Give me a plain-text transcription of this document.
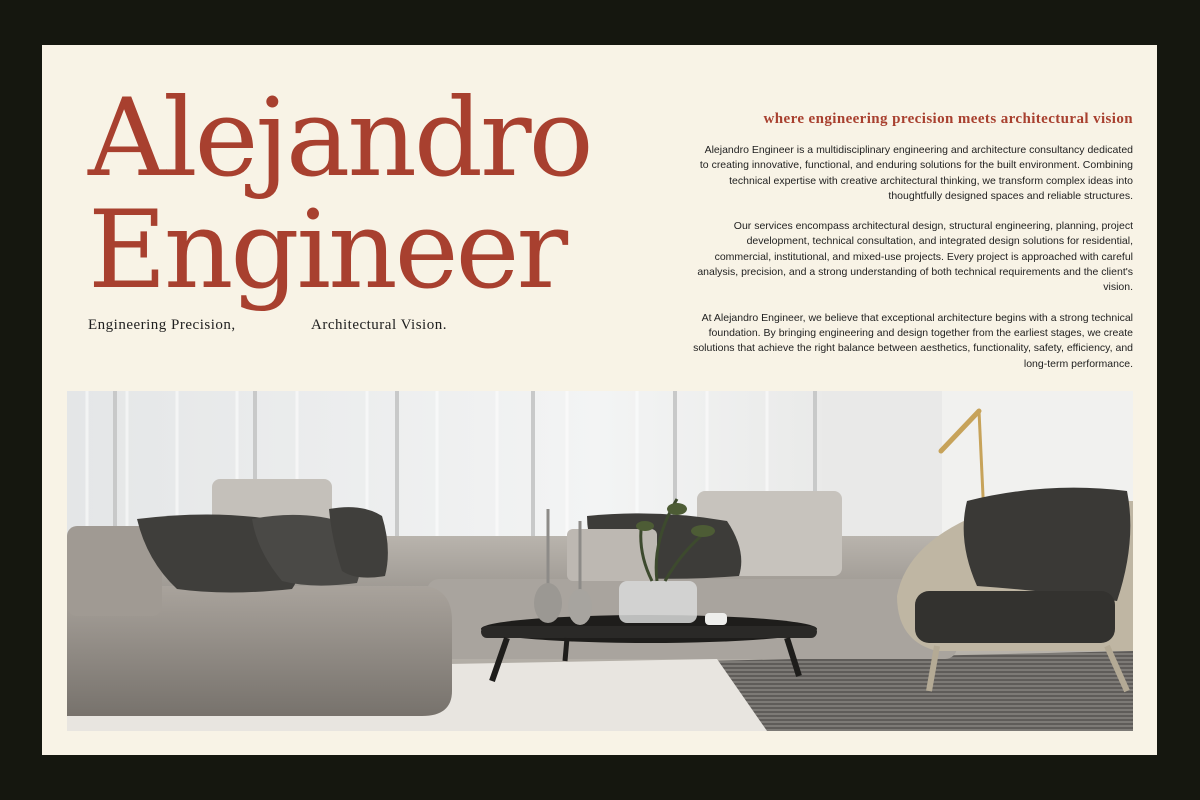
Alejandro
Engineer
Engineering Precision,	Architectural Vision.
where engineering precision meets architectural vision

Alejandro Engineer is a multidisciplinary engineering and architecture consultancy dedicated to creating innovative, functional, and enduring solutions for the built environment. Combining technical expertise with creative architectural thinking, we transform complex ideas into thoughtfully designed spaces and reliable structures.

Our services encompass architectural design, structural engineering, planning, project development, technical consultation, and integrated design solutions for residential, commercial, institutional, and mixed-use projects. Every project is approached with careful analysis, precision, and a strong understanding of both technical requirements and the client's vision.

At Alejandro Engineer, we believe that exceptional architecture begins with a strong technical foundation. By bringing engineering and design together from the earliest stages, we create solutions that achieve the right balance between aesthetics, functionality, safety, efficiency, and long-term performance.
